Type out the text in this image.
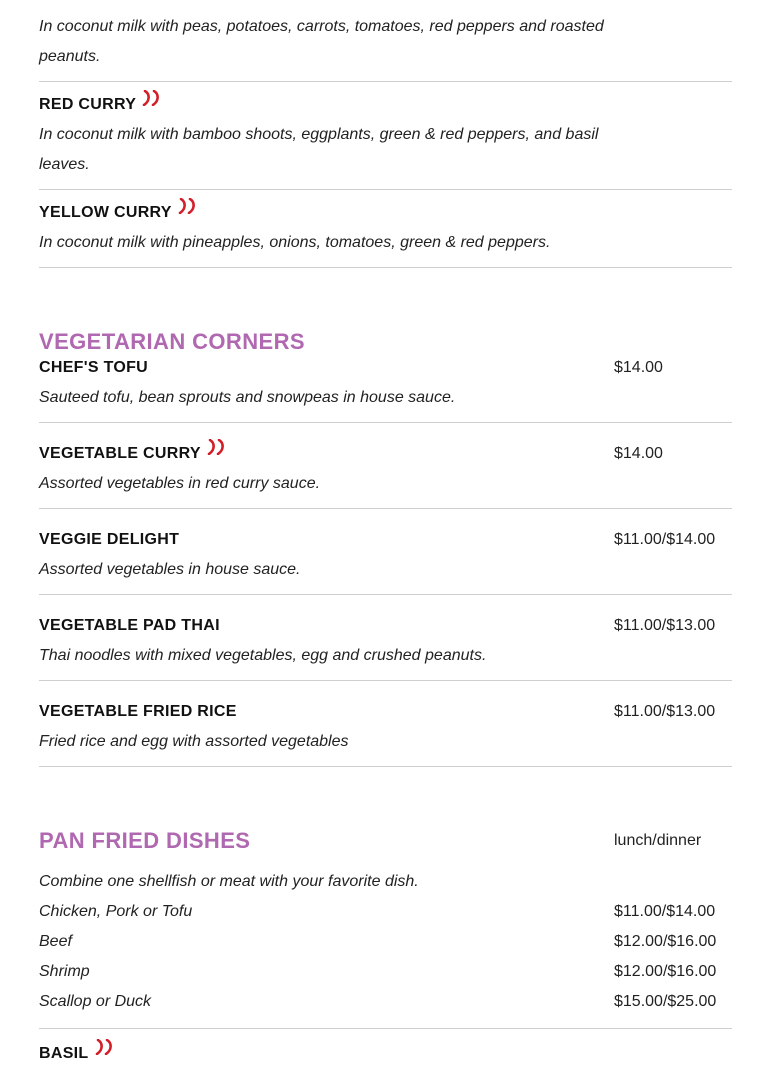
In coconut milk with peas, potatoes, carrots, tomatoes, red peppers and roasted peanuts.
RED CURRY
In coconut milk with bamboo shoots, eggplants, green & red peppers, and basil leaves.
YELLOW CURRY
In coconut milk with pineapples, onions, tomatoes, green & red peppers.
VEGETARIAN CORNERS
CHEF'S TOFU	$14.00
Sauteed tofu, bean sprouts and snowpeas in house sauce.
VEGETABLE CURRY	$14.00
Assorted vegetables in red curry sauce.
VEGGIE DELIGHT	$11.00/$14.00
Assorted vegetables in house sauce.
VEGETABLE PAD THAI	$11.00/$13.00
Thai noodles with mixed vegetables, egg and crushed peanuts.
VEGETABLE FRIED RICE	$11.00/$13.00
Fried rice and egg with assorted vegetables
PAN FRIED DISHES	lunch/dinner
Combine one shellfish or meat with your favorite dish.
Chicken, Pork or Tofu	$11.00/$14.00
Beef	$12.00/$16.00
Shrimp	$12.00/$16.00
Scallop or Duck	$15.00/$25.00
BASIL
